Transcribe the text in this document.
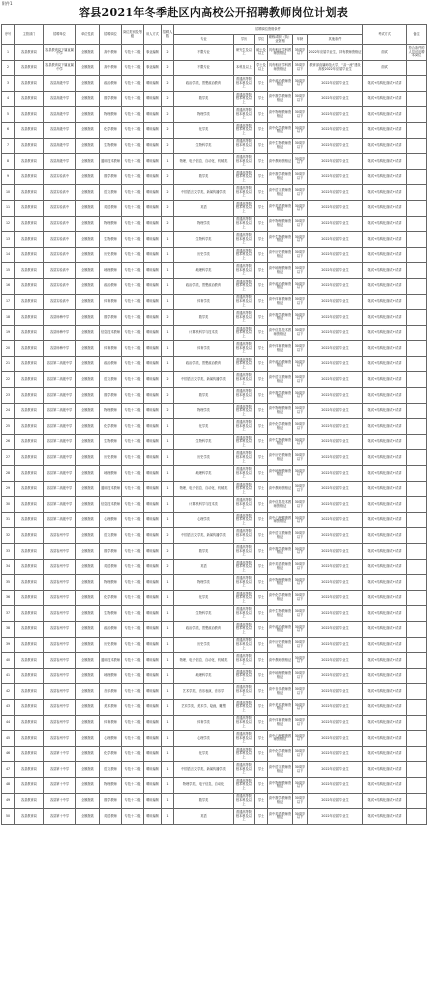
附件1
容县2021年冬季赴区内高校公开招聘教师岗位计划表
序号	主管部门	招聘单位	单位性质	招聘岗位	岗位类别及等级	用人方式	招聘人数	招聘岗位资格条件						考试方式	备注
								专业	学历	学位	职称或职（执）业资格	年龄	其他条件		
1	容县教育局	容县教育局下属直属中学	全额拨款	高中教师	专技十二级	事业编制	2	不限专业	研究生及以上	硕士及以上	具有相应学科教师资格证	35周岁以下	2022年应届毕业生，持有教师资格证	面试	符合条件的人员可应聘本岗位
2	容县教育局	容县教育局下属直属中学	全额拨款	高中教师	专技十二级	事业编制	2	不限专业	本科及以上	学士及以上	具有相应学科教师资格证	35周岁以下	教育部直属师范大学、“双一流”建设高校2022年应届毕业生	面试	
3	容县教育局	容县高级中学	全额拨款	政治教师	专技十二级	聘用编制	2	政治学类，思想政治教育	普通高等院校本科及以上	学士	高中政治教师资格证	30周岁以下	2022年应届毕业生	笔试+结构化面试+试讲	
4	容县教育局	容县高级中学	全额拨款	数学教师	专技十二级	聘用编制	2	数学类	普通高等院校本科及以上	学士	高中数学教师资格证	30周岁以下	2022年应届毕业生	笔试+结构化面试+试讲	
5	容县教育局	容县高级中学	全额拨款	物理教师	专技十二级	聘用编制	2	物理学类	普通高等院校本科及以上	学士	高中物理教师资格证	30周岁以下	2022年应届毕业生	笔试+结构化面试+试讲	
6	容县教育局	容县高级中学	全额拨款	化学教师	专技十二级	聘用编制	2	化学类	普通高等院校本科及以上	学士	高中化学教师资格证	30周岁以下	2022年应届毕业生	笔试+结构化面试+试讲	
7	容县教育局	容县高级中学	全额拨款	生物教师	专技十二级	聘用编制	2	生物科学类	普通高等院校本科及以上	学士	高中生物教师资格证	30周岁以下	2022年应届毕业生	笔试+结构化面试+试讲	
8	容县教育局	容县高级中学	全额拨款	通用技术教师	专技十二级	聘用编制	1	物理、电子信息、自动化、机械类	普通高等院校本科及以上	学士	高中教师资格证	30周岁以下	2022年应届毕业生	笔试+结构化面试+试讲	
9	容县教育局	容县实验高中	全额拨款	数学教师	专技十二级	聘用编制	2	数学类	普通高等院校本科及以上	学士	高中数学教师资格证	30周岁以下	2022年应届毕业生	笔试+结构化面试+试讲	
10	容县教育局	容县实验高中	全额拨款	语文教师	专技十二级	聘用编制	2	中国语言文学类，新闻传播学类	普通高等院校本科及以上	学士	高中语文教师资格证	30周岁以下	2022年应届毕业生	笔试+结构化面试+试讲	
11	容县教育局	容县实验高中	全额拨款	英语教师	专技十二级	聘用编制	2	英语	普通高等院校本科及以上	学士	高中英语教师资格证	30周岁以下	2022年应届毕业生	笔试+结构化面试+试讲	
12	容县教育局	容县实验高中	全额拨款	物理教师	专技十二级	聘用编制	2	物理学类	普通高等院校本科及以上	学士	高中物理教师资格证	30周岁以下	2022年应届毕业生	笔试+结构化面试+试讲	
13	容县教育局	容县实验高中	全额拨款	生物教师	专技十二级	聘用编制	1	生物科学类	普通高等院校本科及以上	学士	高中生物教师资格证	30周岁以下	2022年应届毕业生	笔试+结构化面试+试讲	
14	容县教育局	容县实验高中	全额拨款	历史教师	专技十二级	聘用编制	1	历史学类	普通高等院校本科及以上	学士	高中历史教师资格证	30周岁以下	2022年应届毕业生	笔试+结构化面试+试讲	
15	容县教育局	容县实验高中	全额拨款	地理教师	专技十二级	聘用编制	1	地理科学类	普通高等院校本科及以上	学士	高中地理教师资格证	30周岁以下	2022年应届毕业生	笔试+结构化面试+试讲	
16	容县教育局	容县实验高中	全额拨款	政治教师	专技十二级	聘用编制	1	政治学类，思想政治教育	普通高等院校本科及以上	学士	高中政治教师资格证	30周岁以下	2022年应届毕业生	笔试+结构化面试+试讲	
17	容县教育局	容县实验高中	全额拨款	体育教师	专技十二级	聘用编制	1	体育学类	普通高等院校本科及以上	学士	高中体育教师资格证	30周岁以下	2022年应届毕业生	笔试+结构化面试+试讲	
18	容县教育局	容县杨梅中学	全额拨款	数学教师	专技十二级	聘用编制	2	数学类	普通高等院校本科及以上	学士	高中数学教师资格证	30周岁以下	2022年应届毕业生	笔试+结构化面试+试讲	
19	容县教育局	容县杨梅中学	全额拨款	信息技术教师	专技十二级	聘用编制	1	计算机科学与技术类	普通高等院校本科及以上	学士	高中信息技术教师资格证	30周岁以下	2022年应届毕业生	笔试+结构化面试+试讲	
20	容县教育局	容县杨梅中学	全额拨款	体育教师	专技十二级	聘用编制	1	体育学类	普通高等院校本科及以上	学士	高中体育教师资格证	30周岁以下	2022年应届毕业生	笔试+结构化面试+试讲	
21	容县教育局	容县第二高级中学	全额拨款	政治教师	专技十二级	聘用编制	1	政治学类，思想政治教育	普通高等院校本科及以上	学士	高中政治教师资格证	30周岁以下	2022年应届毕业生	笔试+结构化面试+试讲	
22	容县教育局	容县第二高级中学	全额拨款	语文教师	专技十二级	聘用编制	2	中国语言文学类，新闻传播学类	普通高等院校本科及以上	学士	高中语文教师资格证	30周岁以下	2022年应届毕业生	笔试+结构化面试+试讲	
23	容县教育局	容县第二高级中学	全额拨款	数学教师	专技十二级	聘用编制	2	数学类	普通高等院校本科及以上	学士	高中数学教师资格证	30周岁以下	2022年应届毕业生	笔试+结构化面试+试讲	
24	容县教育局	容县第二高级中学	全额拨款	物理教师	专技十二级	聘用编制	2	物理学类	普通高等院校本科及以上	学士	高中物理教师资格证	30周岁以下	2022年应届毕业生	笔试+结构化面试+试讲	
25	容县教育局	容县第二高级中学	全额拨款	化学教师	专技十二级	聘用编制	1	化学类	普通高等院校本科及以上	学士	高中化学教师资格证	30周岁以下	2022年应届毕业生	笔试+结构化面试+试讲	
26	容县教育局	容县第二高级中学	全额拨款	生物教师	专技十二级	聘用编制	1	生物科学类	普通高等院校本科及以上	学士	高中生物教师资格证	30周岁以下	2022年应届毕业生	笔试+结构化面试+试讲	
27	容县教育局	容县第二高级中学	全额拨款	历史教师	专技十二级	聘用编制	1	历史学类	普通高等院校本科及以上	学士	高中历史教师资格证	30周岁以下	2022年应届毕业生	笔试+结构化面试+试讲	
28	容县教育局	容县第二高级中学	全额拨款	地理教师	专技十二级	聘用编制	1	地理科学类	普通高等院校本科及以上	学士	高中地理教师资格证	30周岁以下	2022年应届毕业生	笔试+结构化面试+试讲	
29	容县教育局	容县第二高级中学	全额拨款	通用技术教师	专技十二级	聘用编制	1	物理、电子信息、自动化、机械类	普通高等院校本科及以上	学士	高中教师资格证	30周岁以下	2022年应届毕业生	笔试+结构化面试+试讲	
30	容县教育局	容县第二高级中学	全额拨款	信息技术教师	专技十二级	聘用编制	1	计算机科学与技术类	普通高等院校本科及以上	学士	高中信息技术教师资格证	30周岁以下	2022年应届毕业生	笔试+结构化面试+试讲	
31	容县教育局	容县第二高级中学	全额拨款	心理教师	专技十二级	聘用编制	1	心理学类	普通高等院校本科及以上	学士	高中心理健康教师资格证	30周岁以下	2022年应届毕业生	笔试+结构化面试+试讲	
32	容县教育局	容县容州中学	全额拨款	语文教师	专技十二级	聘用编制	2	中国语言文学类，新闻传播学类	普通高等院校本科及以上	学士	高中语文教师资格证	30周岁以下	2022年应届毕业生	笔试+结构化面试+试讲	
33	容县教育局	容县容州中学	全额拨款	数学教师	专技十二级	聘用编制	2	数学类	普通高等院校本科及以上	学士	高中数学教师资格证	30周岁以下	2022年应届毕业生	笔试+结构化面试+试讲	
34	容县教育局	容县容州中学	全额拨款	英语教师	专技十二级	聘用编制	2	英语	普通高等院校本科及以上	学士	高中英语教师资格证	30周岁以下	2022年应届毕业生	笔试+结构化面试+试讲	
35	容县教育局	容县容州中学	全额拨款	物理教师	专技十二级	聘用编制	1	物理学类	普通高等院校本科及以上	学士	高中物理教师资格证	30周岁以下	2022年应届毕业生	笔试+结构化面试+试讲	
36	容县教育局	容县容州中学	全额拨款	化学教师	专技十二级	聘用编制	1	化学类	普通高等院校本科及以上	学士	高中化学教师资格证	30周岁以下	2022年应届毕业生	笔试+结构化面试+试讲	
37	容县教育局	容县容州中学	全额拨款	生物教师	专技十二级	聘用编制	1	生物科学类	普通高等院校本科及以上	学士	高中生物教师资格证	30周岁以下	2022年应届毕业生	笔试+结构化面试+试讲	
38	容县教育局	容县容州中学	全额拨款	政治教师	专技十二级	聘用编制	1	政治学类，思想政治教育	普通高等院校本科及以上	学士	高中政治教师资格证	30周岁以下	2022年应届毕业生	笔试+结构化面试+试讲	
39	容县教育局	容县容州中学	全额拨款	历史教师	专技十二级	聘用编制	1	历史学类	普通高等院校本科及以上	学士	高中历史教师资格证	30周岁以下	2022年应届毕业生	笔试+结构化面试+试讲	
40	容县教育局	容县容州中学	全额拨款	通用技术教师	专技十二级	聘用编制	1	物理、电子信息、自动化、机械类	普通高等院校本科及以上	学士	高中教师资格证	30周岁以下	2022年应届毕业生	笔试+结构化面试+试讲	
41	容县教育局	容县容州中学	全额拨款	地理教师	专技十二级	聘用编制	1	地理科学类	普通高等院校本科及以上	学士	高中地理教师资格证	30周岁以下	2022年应届毕业生	笔试+结构化面试+试讲	
42	容县教育局	容县容州中学	全额拨款	音乐教师	专技十二级	聘用编制	1	艺术学类，音乐表演，音乐学	普通高等院校本科及以上	学士	高中音乐教师资格证	30周岁以下	2022年应届毕业生	笔试+结构化面试+试讲	
43	容县教育局	容县容州中学	全额拨款	美术教师	专技十二级	聘用编制	1	艺术学类，美术学，绘画，雕塑	普通高等院校本科及以上	学士	高中美术教师资格证	30周岁以下	2022年应届毕业生	笔试+结构化面试+试讲	
44	容县教育局	容县容州中学	全额拨款	体育教师	专技十二级	聘用编制	1	体育学类	普通高等院校本科及以上	学士	高中体育教师资格证	30周岁以下	2022年应届毕业生	笔试+结构化面试+试讲	
45	容县教育局	容县容州中学	全额拨款	心理教师	专技十二级	聘用编制	1	心理学类	普通高等院校本科及以上	学士	高中心理健康教师资格证	30周岁以下	2022年应届毕业生	笔试+结构化面试+试讲	
46	容县教育局	容县第十中学	全额拨款	化学教师	专技十二级	聘用编制	1	化学类	普通高等院校本科及以上	学士	高中化学教师资格证	30周岁以下	2022年应届毕业生	笔试+结构化面试+试讲	
47	容县教育局	容县第十中学	全额拨款	语文教师	专技十二级	聘用编制	1	中国语言文学类，新闻传播学类	普通高等院校本科及以上	学士	高中语文教师资格证	30周岁以下	2022年应届毕业生	笔试+结构化面试+试讲	
48	容县教育局	容县第十中学	全额拨款	物理教师	专技十二级	聘用编制	1	物理学类，电子信息，自动化	普通高等院校本科及以上	学士	高中物理教师资格证	30周岁以下	2022年应届毕业生	笔试+结构化面试+试讲	
49	容县教育局	容县第十中学	全额拨款	数学教师	专技十二级	聘用编制	1	数学类	普通高等院校本科及以上	学士	高中数学教师资格证	30周岁以下	2022年应届毕业生	笔试+结构化面试+试讲	
50	容县教育局	容县第十中学	全额拨款	英语教师	专技十二级	聘用编制	1	英语	普通高等院校本科及以上	学士	高中英语教师资格证	30周岁以下	2022年应届毕业生	笔试+结构化面试+试讲	
